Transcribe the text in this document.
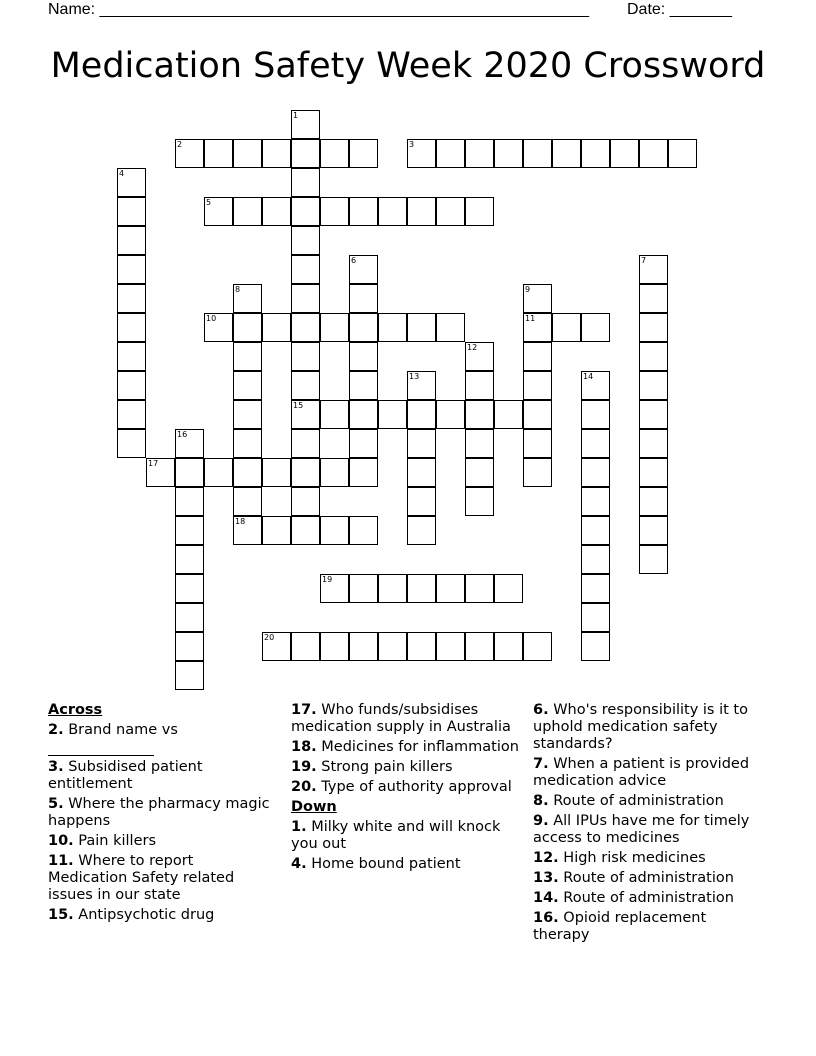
Name: _______________________________________________________ Date: _______
Medication Safety Week 2020 Crossword
1
15
2	3
4
5
6	7
8
18
9
11
10
12
13	14
16
17
19
20
Across
2. Brand name vs

3. Subsidised patient entitlement
5. Where the pharmacy magic happens
10. Pain killers
11. Where to report Medication Safety related issues in our state
15. Antipsychotic drug
17. Who funds/subsidises medication supply in Australia
18. Medicines for inflammation
19. Strong pain killers
20. Type of authority approval
Down
1. Milky white and will knock you out
4. Home bound patient
6. Who's responsibility is it to uphold medication safety standards?
7. When a patient is provided medication advice
8. Route of administration
9. All IPUs have me for timely access to medicines
12. High risk medicines
13. Route of administration
14. Route of administration
16. Opioid replacement therapy
